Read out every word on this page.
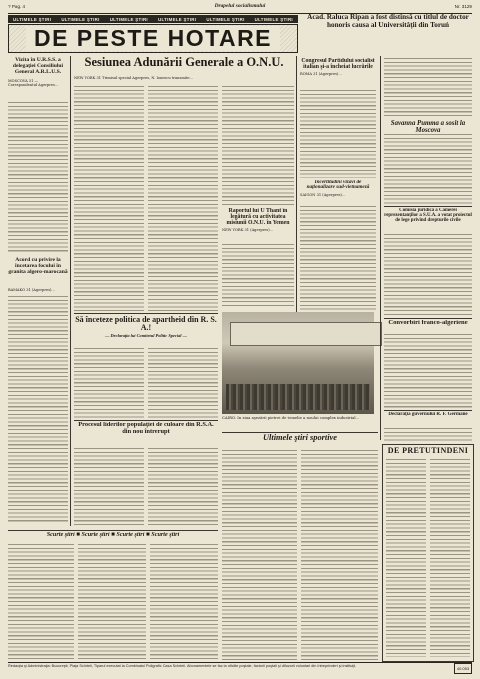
? Pag. 4	Drapelul socialismului	Nr. 3129
ULTIMELE ŞTIRI ULTIMELE ŞTIRI ULTIMELE ŞTIRI ULTIMELE ŞTIRI ULTIMELE ŞTIRI ULTIMELE ŞTIRI
DE PESTE HOTARE
Acad. Raluca Ripan a fost distinsă cu titlul de doctor honoris causa al Universităţii din Toruń
Vizita în U.R.S.S. a delegaţiei Consiliului General A.R.L.U.S.
MOSCOVA 31 — Corespondentul Agerpres...
Acord cu privire la încetarea focului în granita algero-marocană
BAMAKO 31 (Agerpres)...
Sesiunea Adunării Generale a O.N.U.
NEW YORK 31 Trimisul special Agerpres, N. Ionescu transmite...
Raportul lui U Thant în legătură cu activitatea misiunii O.N.U. în Yemen
NEW YORK 31 (Agerpres)...
Să înceteze politica de apartheid din R. S. A.!
— Declaraţia lui Comitetul Politic Special —
Procesul liderilor populaţiei de culoare din R.S.A. din nou întrerupt
CAIRO. În ziua aşezării pietrei de temelie a noului complex industrial...
Congresul Partidului socialist italian şi-a încheiat lucrările
ROMA 31 (Agerpres)...
Incertitudini vizavi de naţionalizare sud-vietnameză
SAIGON 31 (Agerpres)...
Savanna Pumma a sosit la Moscova
Comisia juridică a Camerei reprezentanţilor a S.U.A. a votat proiectul de lege privind drepturile civile
Convorbiri franco-algeriene
Declaraţia guvernului R. F. Germane
Ultimele ştiri sportive
DE PRETUTINDENI
Scurte ştiri ■ Scurte ştiri ■ Scurte ştiri ■ Scurte ştiri
Redacţia şi Administraţia: Bucureşti, Piaţa Scînteii, Tiparul executat la Combinatul Poligrafic Casa Scînteii. Abonamentele se fac la oficiile poştale, factorii poştali şi difuzorii voluntari din întreprinderi şi instituţii.	40.053
